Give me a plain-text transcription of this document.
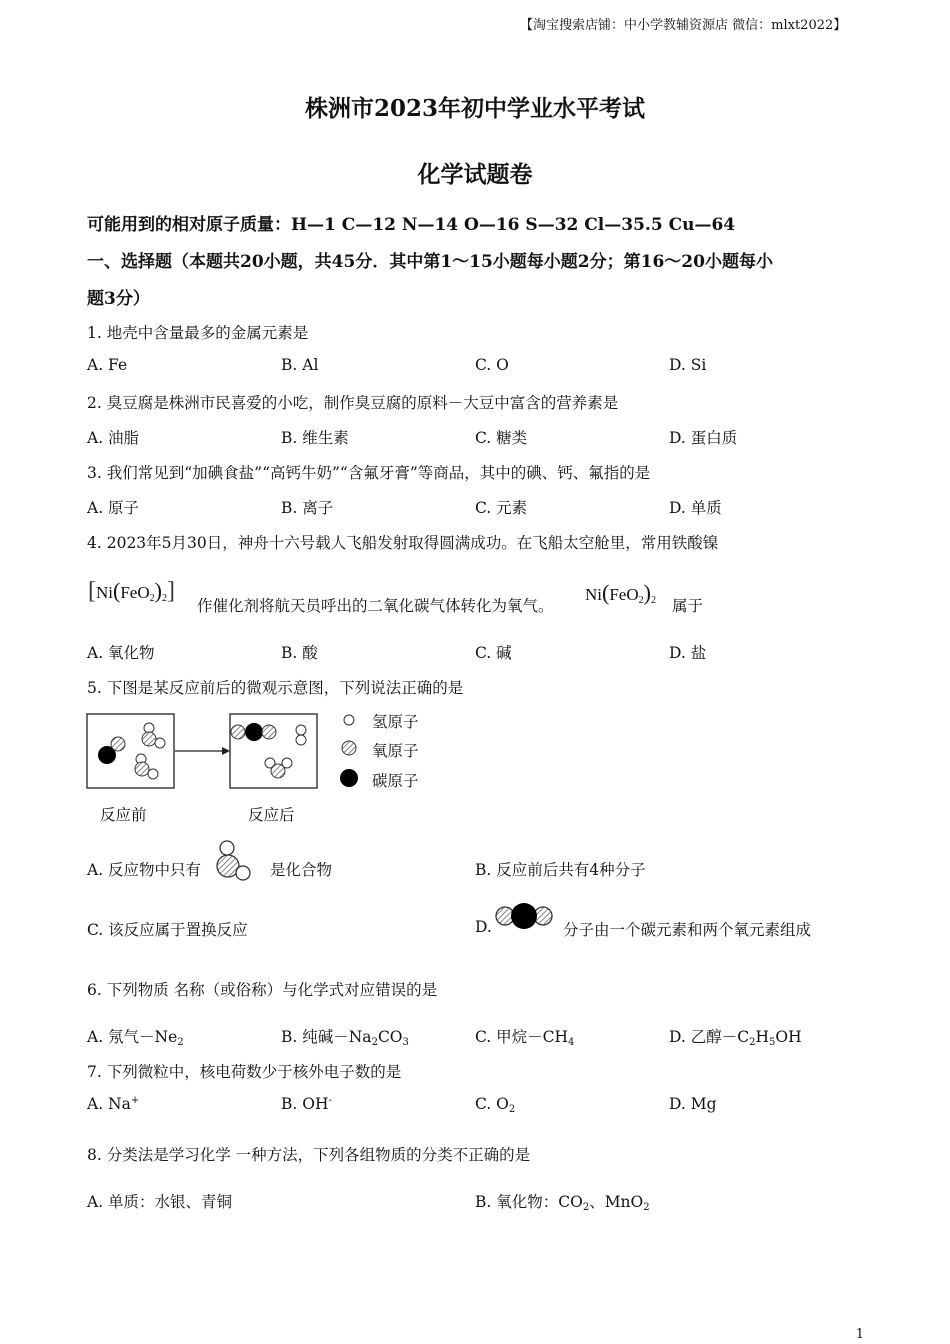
【淘宝搜索店铺：中小学教辅资源店 微信：mlxt2022】
株洲市2023年初中学业水平考试
化学试题卷
可能用到的相对原子质量：H—1 C—12 N—14 O—16 S—32 Cl—35.5 Cu—64
一、选择题（本题共20小题，共45分．其中第1～15小题每小题2分；第16～20小题每小
题3分）
1. 地壳中含量最多的金属元素是
A. Fe	B. Al	C. O	D. Si
2. 臭豆腐是株洲市民喜爱的小吃，制作臭豆腐的原料－大豆中富含的营养素是
A. 油脂	B. 维生素	C. 糖类	D. 蛋白质
3. 我们常见到“加碘食盐”“高钙牛奶”“含氟牙膏”等商品，其中的碘、钙、氟指的是
A. 原子	B. 离子	C. 元素	D. 单质
4. 2023年5月30日，神舟十六号载人飞船发射取得圆满成功。在飞船太空舱里，常用铁酸镍
$[Ni(FeO_2)_2]$
作催化剂将航天员呼出的二氧化碳气体转化为氧气。
$Ni(FeO_2)_2$ 属于
A. 氧化物	B. 酸	C. 碱	D. 盐
5. 下图是某反应前后的微观示意图，下列说法正确的是
氢原子
氧原子
碳原子
反应前	反应后
A. 反应物中只有	是化合物	B. 反应前后共有4种分子
C. 该反应属于置换反应	D.	分子由一个碳元素和两个氧元素组成
6. 下列物质 名称（或俗称）与化学式对应错误的是
A. 氖气$-Ne_2$	B. 纯碱$-Na_2CO_3$	C. 甲烷$-CH_4$	D. 乙醇$-C_2H_5OH$
7. 下列微粒中，核电荷数少于核外电子数的是
A. Na+	B. OH-	C. $O_2$	D. Mg
8. 分类法是学习化学 一种方法，下列各组物质的分类不正确的是
A. 单质：水银、青铜	B. 氧化物：$CO_2$、MnO$_2$
1
